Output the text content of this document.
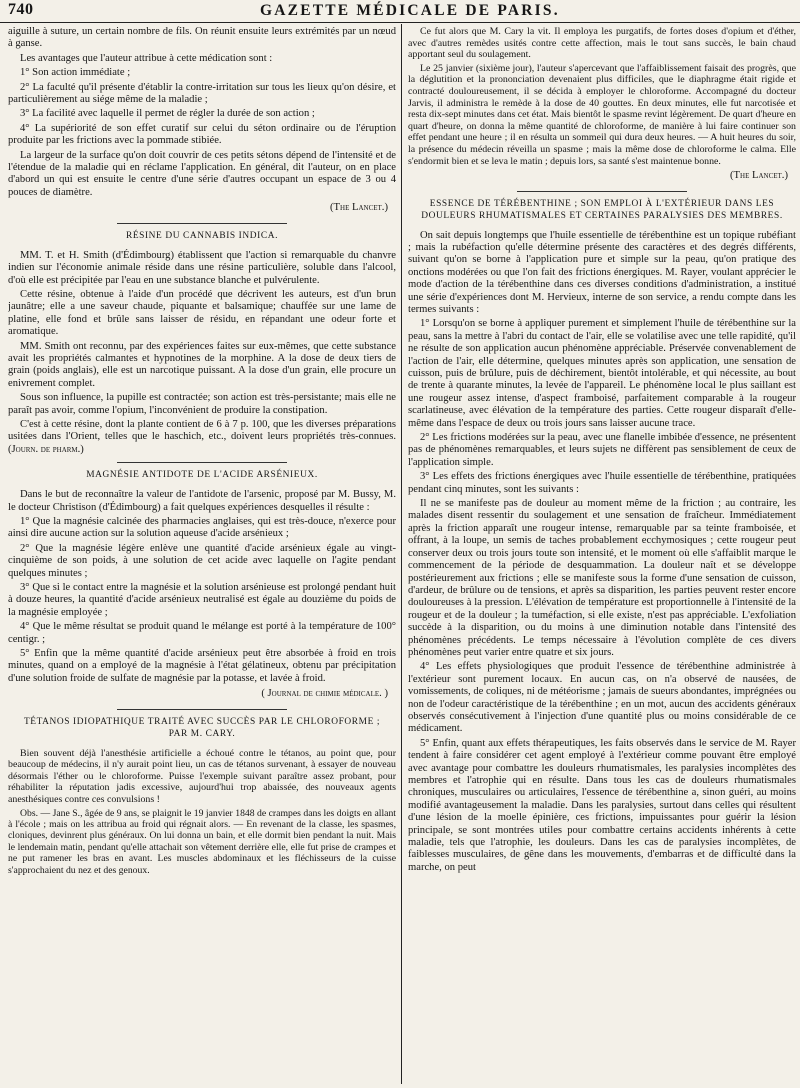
740	GAZETTE MÉDICALE DE PARIS.

aiguille à suture, un certain nombre de fils. On réunit ensuite leurs extrémités par un nœud à ganse.

Les avantages que l'auteur attribue à cette médication sont :

1° Son action immédiate ;

2° La faculté qu'il présente d'établir la contre-irritation sur tous les lieux qu'on désire, et particulièrement au siége même de la maladie ;

3° La facilité avec laquelle il permet de régler la durée de son action ;

4° La supériorité de son effet curatif sur celui du séton ordinaire ou de l'éruption produite par les frictions avec la pommade stibiée.

La largeur de la surface qu'on doit couvrir de ces petits sétons dépend de l'intensité et de l'étendue de la maladie qui en réclame l'application. En général, dit l'auteur, on en place d'abord un qui est ensuite le centre d'une série d'autres occupant un espace de 3 ou 4 pouces de diamètre.

(The Lancet.)
RÉSINE DU CANNABIS INDICA.

MM. T. et H. Smith (d'Édimbourg) établissent que l'action si remarquable du chanvre indien sur l'économie animale réside dans une résine particulière, soluble dans l'alcool, d'où elle est précipitée par l'eau en une substance blanche et pulvérulente.

Cette résine, obtenue à l'aide d'un procédé que décrivent les auteurs, est d'un brun jaunâtre; elle a une saveur chaude, piquante et balsamique; chauffée sur une lame de platine, elle fond et brûle sans laisser de résidu, en répandant une odeur forte et aromatique.

MM. Smith ont reconnu, par des expériences faites sur eux-mêmes, que cette substance avait les propriétés calmantes et hypnotines de la morphine. A la dose de deux tiers de grain (poids anglais), elle est un narcotique puissant. A la dose d'un grain, elle procure un enivrement complet.

Sous son influence, la pupille est contractée; son action est très-persistante; mais elle ne paraît pas avoir, comme l'opium, l'inconvénient de produire la constipation.

C'est à cette résine, dont la plante contient de 6 à 7 p. 100, que les diverses préparations usitées dans l'Orient, telles que le haschich, etc., doivent leurs propriétés très-connues. (Journ. de pharm.)

MAGNÉSIE ANTIDOTE DE L'ACIDE ARSÉNIEUX.

Dans le but de reconnaître la valeur de l'antidote de l'arsenic, proposé par M. Bussy, M. le docteur Christison (d'Édimbourg) a fait quelques expériences desquelles il résulte :

1° Que la magnésie calcinée des pharmacies anglaises, qui est très-douce, n'exerce pour ainsi dire aucune action sur la solution aqueuse d'acide arsénieux ;

2° Que la magnésie légère enlève une quantité d'acide arsénieux égale au vingt-cinquième de son poids, à une solution de cet acide avec laquelle on l'agite pendant quelques minutes ;

3° Que si le contact entre la magnésie et la solution arsénieuse est prolongé pendant huit à douze heures, la quantité d'acide arsénieux neutralisé est égale au douzième du poids de la magnésie employée ;

4° Que le même résultat se produit quand le mélange est porté à la température de 100° centigr. ;

5° Enfin que la même quantité d'acide arsénieux peut être absorbée à froid en trois minutes, quand on a employé de la magnésie à l'état gélatineux, obtenu par précipitation d'une solution froide de sulfate de magnésie par la potasse, et lavée à froid.

( Journal de chimie médicale. )
TÉTANOS IDIOPATHIQUE TRAITÉ AVEC SUCCÈS PAR LE CHLOROFORME ;
PAR M. CARY.

Bien souvent déjà l'anesthésie artificielle a échoué contre le tétanos, au point que, pour beaucoup de médecins, il n'y aurait point lieu, un cas de tétanos survenant, à essayer de nouveau désormais l'éther ou le chloroforme. Puisse l'exemple suivant paraître assez probant, pour réhabiliter la réputation jadis excessive, aujourd'hui trop abaissée, des nouveaux agents anesthésiques contre ces convulsions !

Obs. — Jane S., âgée de 9 ans, se plaignit le 19 janvier 1848 de crampes dans les doigts en allant à l'école ; mais on les attribua au froid qui régnait alors. — En revenant de la classe, les spasmes, cloniques, devinrent plus généraux. On lui donna un bain, et elle dormit bien pendant la nuit. Mais le lendemain matin, pendant qu'elle attachait son vêtement derrière elle, elle fut prise de crampes et ne put ramener les bras en avant. Les muscles abdominaux et les fléchisseurs de la cuisse s'approchaient du nez et des genoux.

Ce fut alors que M. Cary la vit. Il employa les purgatifs, de fortes doses d'opium et d'éther, avec d'autres remèdes usités contre cette affection, mais le tout sans succès, le bain chaud apportant seul du soulagement.

Le 25 janvier (sixième jour), l'auteur s'apercevant que l'affaiblissement faisait des progrès, que la déglutition et la prononciation devenaient plus difficiles, que le diaphragme était rigide et contracté douloureusement, il se décida à employer le chloroforme. Accompagné du docteur Jarvis, il administra le remède à la dose de 40 gouttes. En deux minutes, elle fut narcotisée et resta dix-sept minutes dans cet état. Mais bientôt le spasme revint légèrement. De quart d'heure en quart d'heure, on donna la même quantité de chloroforme, de manière à lui faire continuer son effet pendant une heure ; il en résulta un sommeil qui dura deux heures. — A huit heures du soir, la présence du médecin réveilla un spasme ; mais la même dose de chloroforme le calma. Elle s'endormit bien et se leva le matin ; depuis lors, sa santé s'est maintenue bonne.

(The Lancet.)
ESSENCE DE TÉRÉBENTHINE ; SON EMPLOI À L'EXTÉRIEUR DANS LES DOULEURS RHUMATISMALES ET CERTAINES PARALYSIES DES MEMBRES.

On sait depuis longtemps que l'huile essentielle de térébenthine est un topique rubéfiant ; mais la rubéfaction qu'elle détermine présente des caractères et des degrés différents, suivant qu'on se borne à l'application pure et simple sur la peau, qu'on pratique des onctions modérées ou que l'on fait des frictions énergiques. M. Rayer, voulant apprécier le mode d'action de la térébenthine dans ces diverses conditions d'administration, a institué une série d'expériences dont M. Hervieux, interne de son service, a rendu compte dans les termes suivants :

1° Lorsqu'on se borne à appliquer purement et simplement l'huile de térébenthine sur la peau, sans la mettre à l'abri du contact de l'air, elle se volatilise avec une telle rapidité, qu'il ne résulte de son application aucun phénomène appréciable. Préservée convenablement de l'action de l'air, elle détermine, quelques minutes après son application, une sensation de cuisson, puis de brûlure, puis de déchirement, bientôt intolérable, et qui nécessite, au bout de trente à quarante minutes, la levée de l'appareil. Le phénomène local le plus saillant est une rougeur assez intense, d'aspect framboisé, parfaitement comparable à la rougeur scarlatineuse, avec élévation de la température des parties. Cette rougeur disparaît d'elle-même dans l'espace de deux ou trois jours sans laisser aucune trace.

2° Les frictions modérées sur la peau, avec une flanelle imbibée d'essence, ne présentent pas de phénomènes remarquables, et leurs sujets ne diffèrent pas sensiblement de ceux de l'application simple.

3° Les effets des frictions énergiques avec l'huile essentielle de térébenthine, pratiquées pendant cinq minutes, sont les suivants :

Il ne se manifeste pas de douleur au moment même de la friction ; au contraire, les malades disent ressentir du soulagement et une sensation de fraîcheur. Immédiatement après la friction apparaît une rougeur intense, remarquable par sa teinte framboisée, et offrant, à la loupe, un semis de taches probablement ecchymosiques ; cette rougeur peut conserver deux ou trois jours toute son intensité, et le moment où elle s'affaiblit marque le commencement de la période de desquammation. La douleur naît et se développe postérieurement aux frictions ; elle se manifeste sous la forme d'une sensation de cuisson, d'ardeur, de brûlure ou de tensions, et après sa disparition, les parties peuvent rester encore douloureuses à la pression. L'élévation de température est proportionnelle à l'intensité de la rougeur et de la douleur ; la tuméfaction, si elle existe, n'est pas appréciable. L'exfoliation succède à la disparition, ou du moins à une diminution notable dans l'intensité des phénomènes précédents. Le temps nécessaire à l'évolution complète de ces divers phénomènes peut varier entre quatre et six jours.

4° Les effets physiologiques que produit l'essence de térébenthine administrée à l'extérieur sont purement locaux. En aucun cas, on n'a observé de nausées, de vomissements, de coliques, ni de météorisme ; jamais de sueurs abondantes, imprégnées ou non de l'odeur caractéristique de la térébenthine ; en un mot, aucun des accidents généraux observés consécutivement à l'injection d'une quantité plus ou moins considérable de ce médicament.

5° Enfin, quant aux effets thérapeutiques, les faits observés dans le service de M. Rayer tendent à faire considérer cet agent employé à l'extérieur comme pouvant être employé avec avantage pour combattre les douleurs rhumatismales, les paralysies incomplètes des membres et l'atrophie qui en résulte. Dans tous les cas de douleurs rhumatismales chroniques, musculaires ou articulaires, l'essence de térébenthine a, sinon guéri, au moins modifié avantageusement la maladie. Dans les paralysies, surtout dans celles qui résultent d'une lésion de la moelle épinière, ces frictions, impuissantes pour guérir la lésion principale, se sont montrées utiles pour combattre certains accidents inhérents à cette maladie, tels que l'atrophie, les douleurs. Dans les cas de paralysies incomplètes, de faiblesses musculaires, de gêne dans les mouvements, d'embarras et de difficulté dans la marche, on peut
